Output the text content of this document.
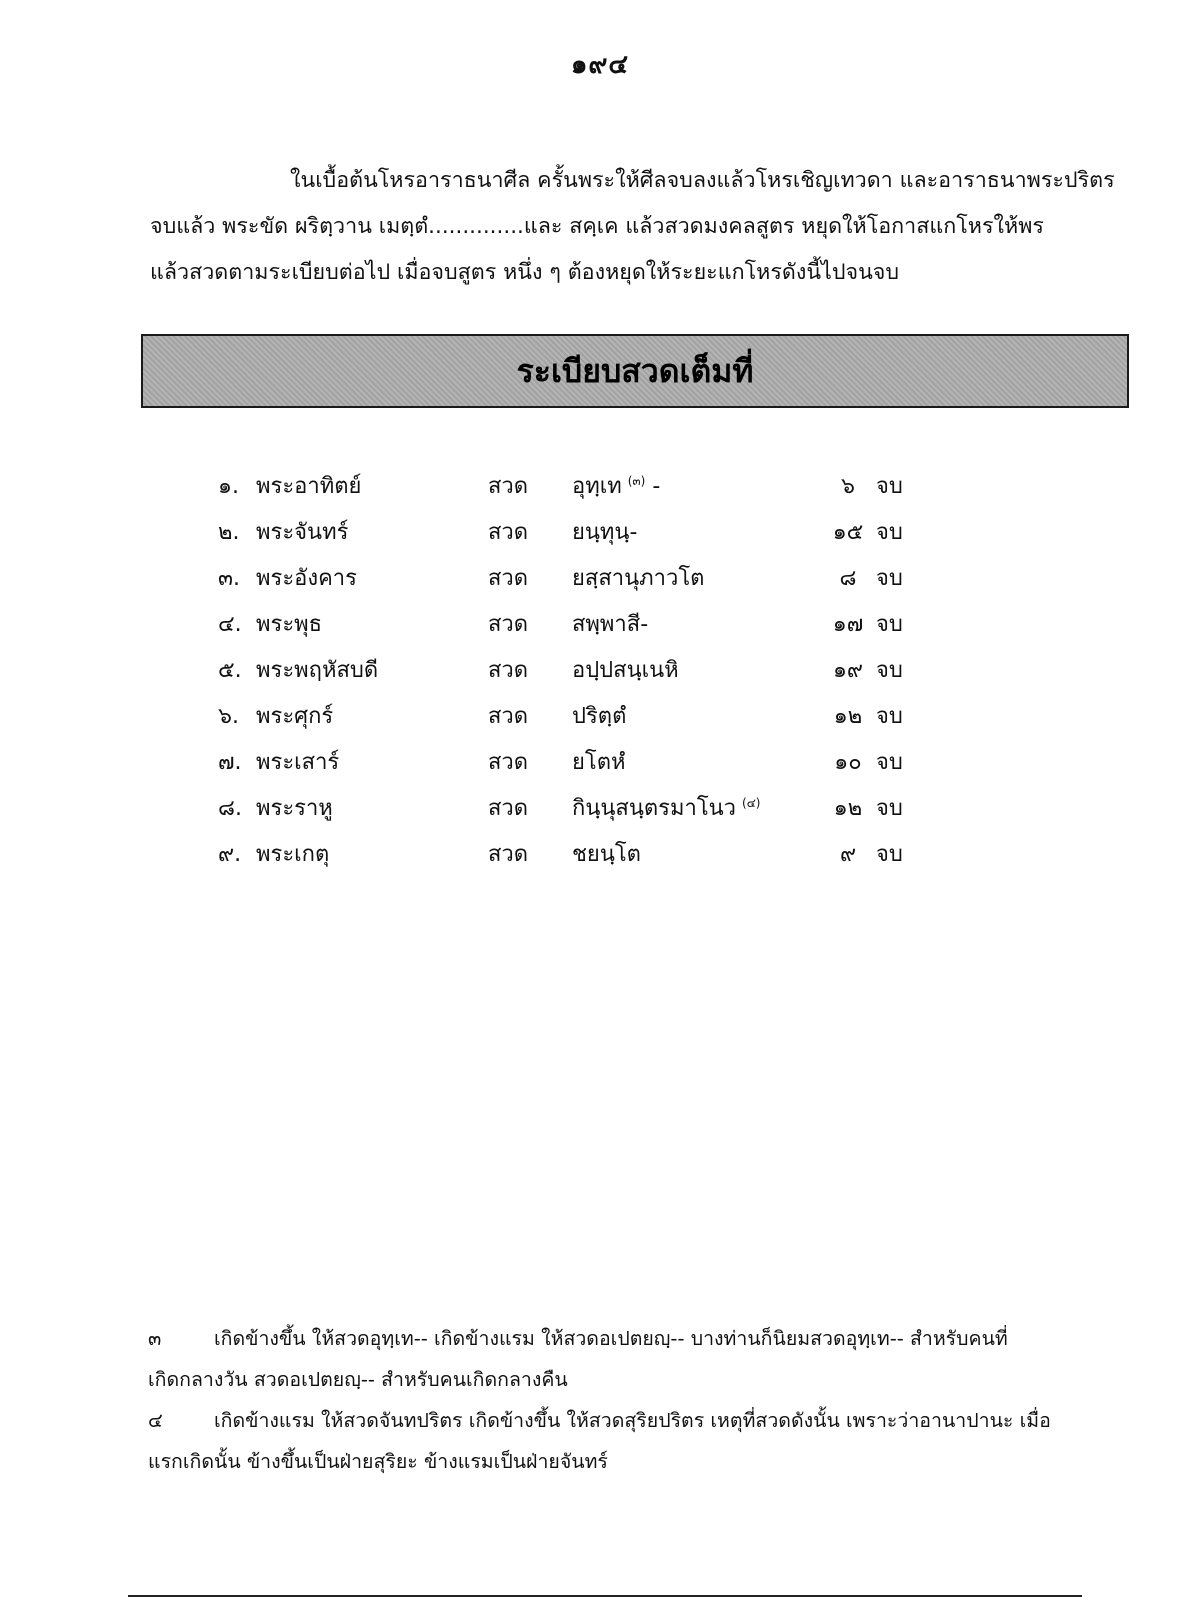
๑๙๔
ในเบื้อต้นโหรอาราธนาศีล ครั้นพระให้ศีลจบลงแล้วโหรเชิญเทวดา และอาราธนาพระปริตร
จบแล้ว พระขัด ผริตฺวาน เมตฺตํ..............และ สคฺเค แล้วสวดมงคลสูตร หยุดให้โอกาสแกโหรให้พร
แล้วสวดตามระเบียบต่อไป เมื่อจบสูตร หนึ่ง ๆ ต้องหยุดให้ระยะแกโหรดังนี้ไปจนจบ
ระเบียบสวดเต็มที่
๑. พระอาทิตย์	สวด อุทฺเท $^{(๓)}$ -	๖ จบ
๒. พระจันทร์	สวด ยนฺทุนฺ-	๑๕ จบ
๓. พระอังคาร	สวด ยสฺสานุภาวโต	๘ จบ
๔. พระพุธ	สวด สพฺพาสี-	๑๗ จบ
๕. พระพฤหัสบดี	สวด อปฺปสนฺเนหิ	๑๙ จบ
๖. พระศุกร์	สวด ปริตฺตํ	๑๒ จบ
๗. พระเสาร์	สวด ยโตหํ	๑๐ จบ
๘. พระราหู	สวด กินฺนุสนฺตรมาโนว $^{(๔)}$	๑๒ จบ
๙. พระเกตุ	สวด ชยนฺโต	๙ จบ
๓	เกิดข้างขึ้น ให้สวดอุทฺเท-- เกิดข้างแรม ให้สวดอเปตยญฺ-- บางท่านก็นิยมสวดอุทฺเท-- สำหรับคนที่
เกิดกลางวัน สวดอเปตยญฺ-- สำหรับคนเกิดกลางคืน
๔	เกิดข้างแรม ให้สวดจันทปริตร เกิดข้างขึ้น ให้สวดสุริยปริตร เหตุที่สวดดังนั้น เพราะว่าอานาปานะ เมื่อ
แรกเกิดนั้น ข้างขึ้นเป็นฝ่ายสุริยะ ข้างแรมเป็นฝ่ายจันทร์
